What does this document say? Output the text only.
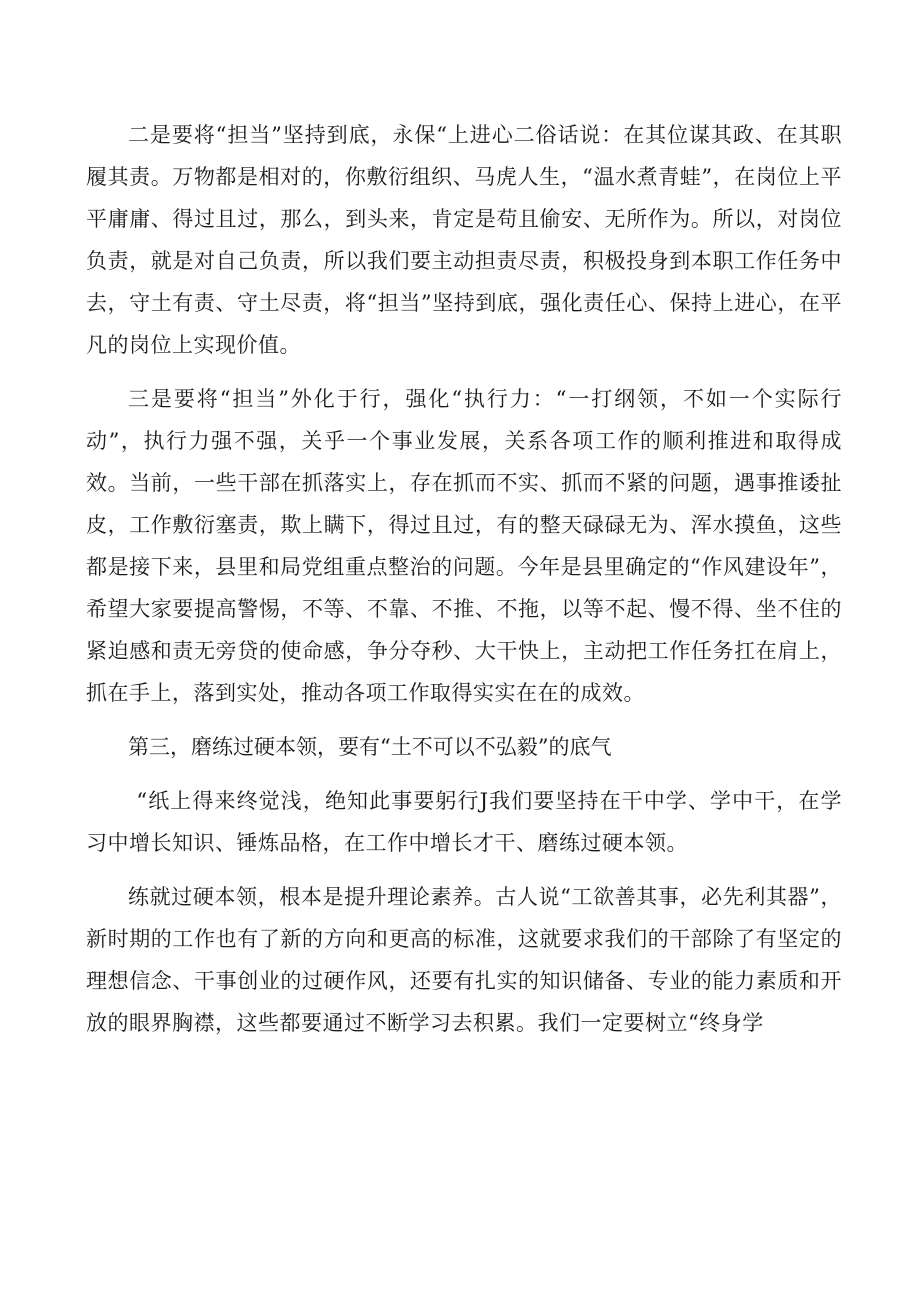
二是要将“担当”坚持到底，永保“上进心二俗话说：在其位谋其政、在其职履其责。万物都是相对的，你敷衍组织、马虎人生，“温水煮青蛙”，在岗位上平平庸庸、得过且过，那么，到头来，肯定是苟且偷安、无所作为。所以，对岗位负责，就是对自己负责，所以我们要主动担责尽责，积极投身到本职工作任务中去，守土有责、守土尽责，将“担当”坚持到底，强化责任心、保持上进心，在平凡的岗位上实现价值。

三是要将“担当”外化于行，强化“执行力：“一打纲领，不如一个实际行动”，执行力强不强，关乎一个事业发展，关系各项工作的顺利推进和取得成效。当前，一些干部在抓落实上，存在抓而不实、抓而不紧的问题，遇事推诿扯皮，工作敷衍塞责，欺上瞒下，得过且过，有的整天碌碌无为、浑水摸鱼，这些都是接下来，县里和局党组重点整治的问题。今年是县里确定的“作风建设年”，希望大家要提高警惕，不等、不靠、不推、不拖，以等不起、慢不得、坐不住的紧迫感和责无旁贷的使命感，争分夺秒、大干快上，主动把工作任务扛在肩上，抓在手上，落到实处，推动各项工作取得实实在在的成效。

第三，磨练过硬本领，要有“土不可以不弘毅”的底气

“纸上得来终觉浅，绝知此事要躬行J我们要坚持在干中学、学中干，在学习中增长知识、锤炼品格，在工作中增长才干、磨练过硬本领。

练就过硬本领，根本是提升理论素养。古人说“工欲善其事，必先利其器”，新时期的工作也有了新的方向和更高的标准，这就要求我们的干部除了有坚定的理想信念、干事创业的过硬作风，还要有扎实的知识储备、专业的能力素质和开放的眼界胸襟，这些都要通过不断学习去积累。我们一定要树立“终身学
